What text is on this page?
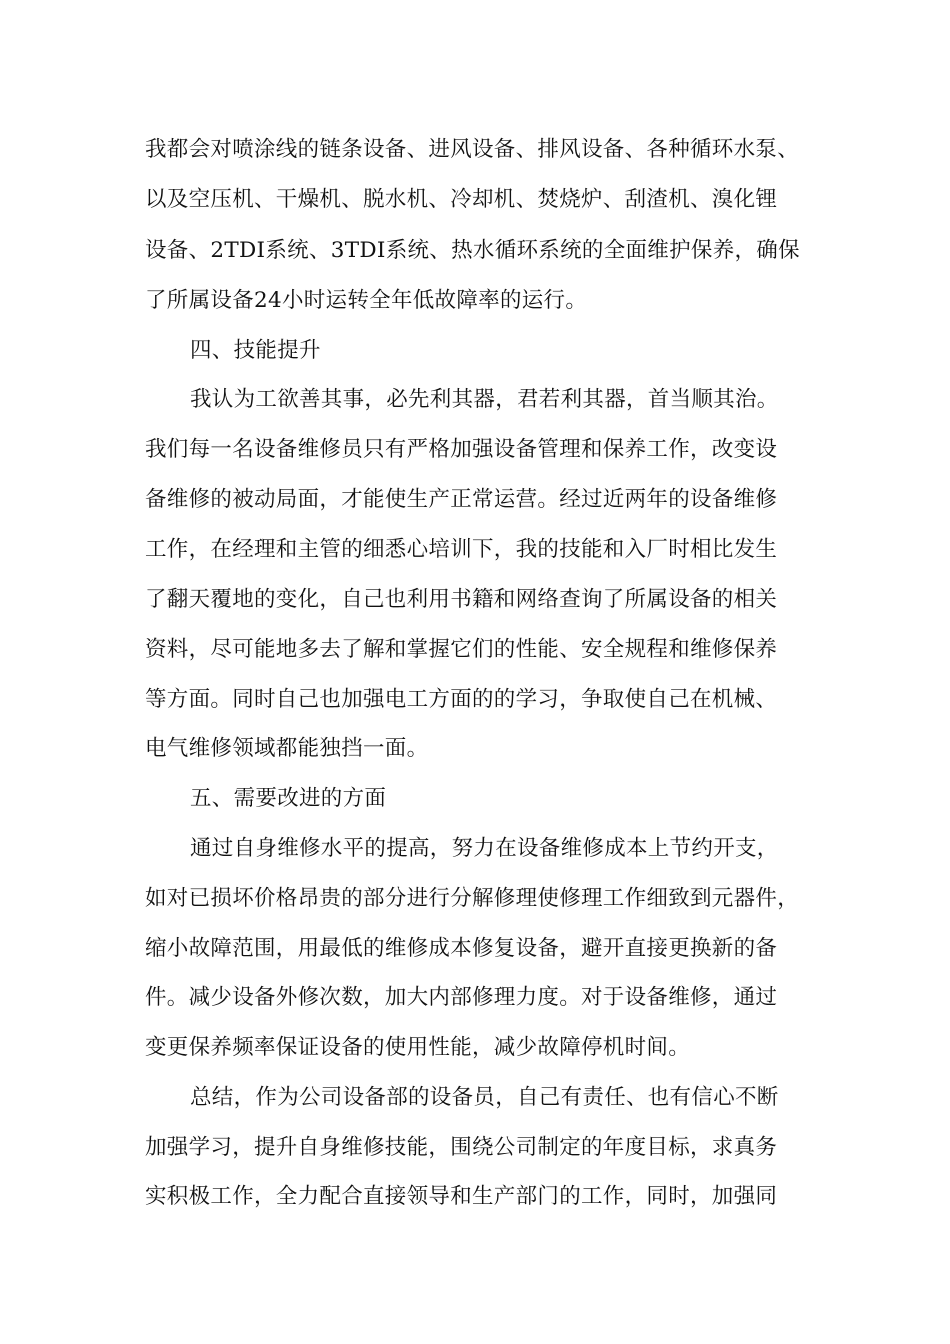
我都会对喷涂线的链条设备、进风设备、排风设备、各种循环水泵、
以及空压机、干燥机、脱水机、冷却机、焚烧炉、刮渣机、溴化锂
设备、2TDI系统、3TDI系统、热水循环系统的全面维护保养，确保
了所属设备24小时运转全年低故障率的运行。
四、技能提升
我认为工欲善其事，必先利其器，君若利其器，首当顺其治。
我们每一名设备维修员只有严格加强设备管理和保养工作，改变设
备维修的被动局面，才能使生产正常运营。经过近两年的设备维修
工作，在经理和主管的细悉心培训下，我的技能和入厂时相比发生
了翻天覆地的变化，自己也利用书籍和网络查询了所属设备的相关
资料，尽可能地多去了解和掌握它们的性能、安全规程和维修保养
等方面。同时自己也加强电工方面的的学习，争取使自己在机械、
电气维修领域都能独挡一面。
五、需要改进的方面
通过自身维修水平的提高，努力在设备维修成本上节约开支，
如对已损坏价格昂贵的部分进行分解修理使修理工作细致到元器件，
缩小故障范围，用最低的维修成本修复设备，避开直接更换新的备
件。减少设备外修次数，加大内部修理力度。对于设备维修，通过
变更保养频率保证设备的使用性能，减少故障停机时间。
总结，作为公司设备部的设备员，自己有责任、也有信心不断
加强学习，提升自身维修技能，围绕公司制定的年度目标，求真务
实积极工作，全力配合直接领导和生产部门的工作，同时，加强同
